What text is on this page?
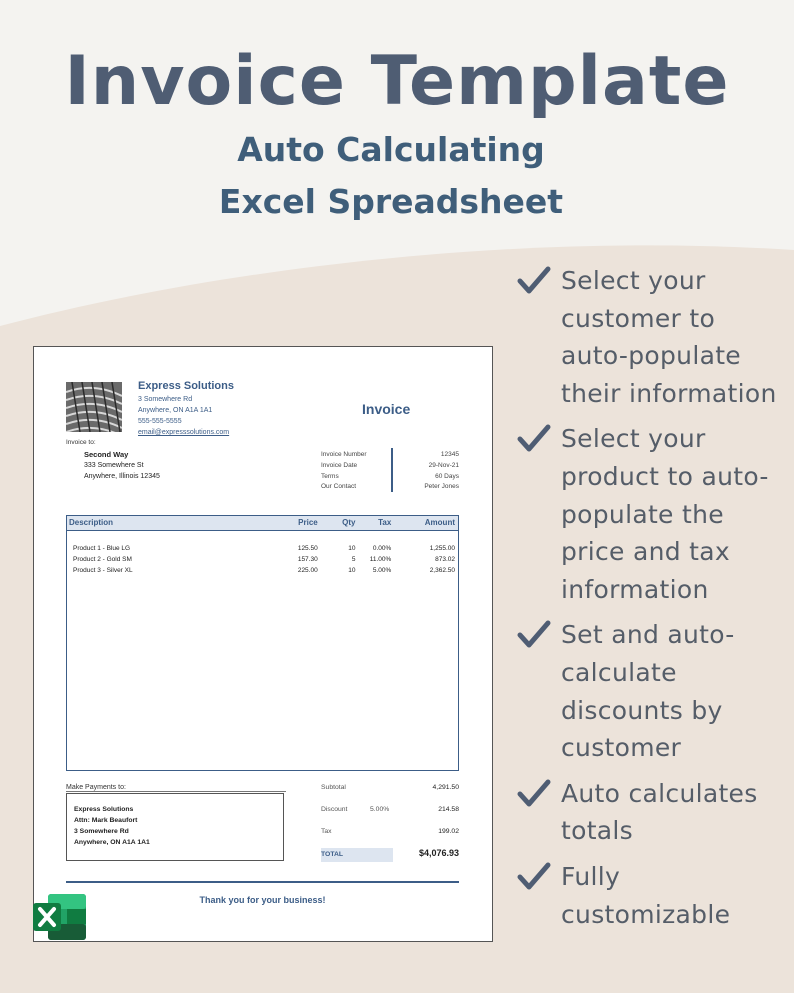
Invoice Template
Auto Calculating
Excel Spreadsheet
Select your customer to auto-populate their information
Select your product to auto-populate the price and tax information
Set and auto-calculate discounts by customer
Auto calculates totals
Fully customizable
Express Solutions
3 Somewhere Rd
Anywhere, ON A1A 1A1
555-555-5555
email@expresssolutions.com
Invoice
Invoice to:
Second Way
333 Somewhere St
Anywhere, Illinois 12345
Invoice Number	12345
Invoice Date	29-Nov-21
Terms	60 Days
Our Contact	Peter Jones
Description	Price	Qty	Tax	Amount
Product 1 - Blue LG	125.50	10	0.00%	1,255.00
Product 2 - Gold SM	157.30	5	11.00%	873.02
Product 3 - Silver XL	225.00	10	5.00%	2,362.50
Make Payments to:
Express Solutions
Attn: Mark Beaufort
3 Somewhere Rd
Anywhere, ON A1A 1A1
Subtotal	4,291.50
Discount	5.00%	214.58
Tax	199.02
TOTAL	$4,076.93
Thank you for your business!
